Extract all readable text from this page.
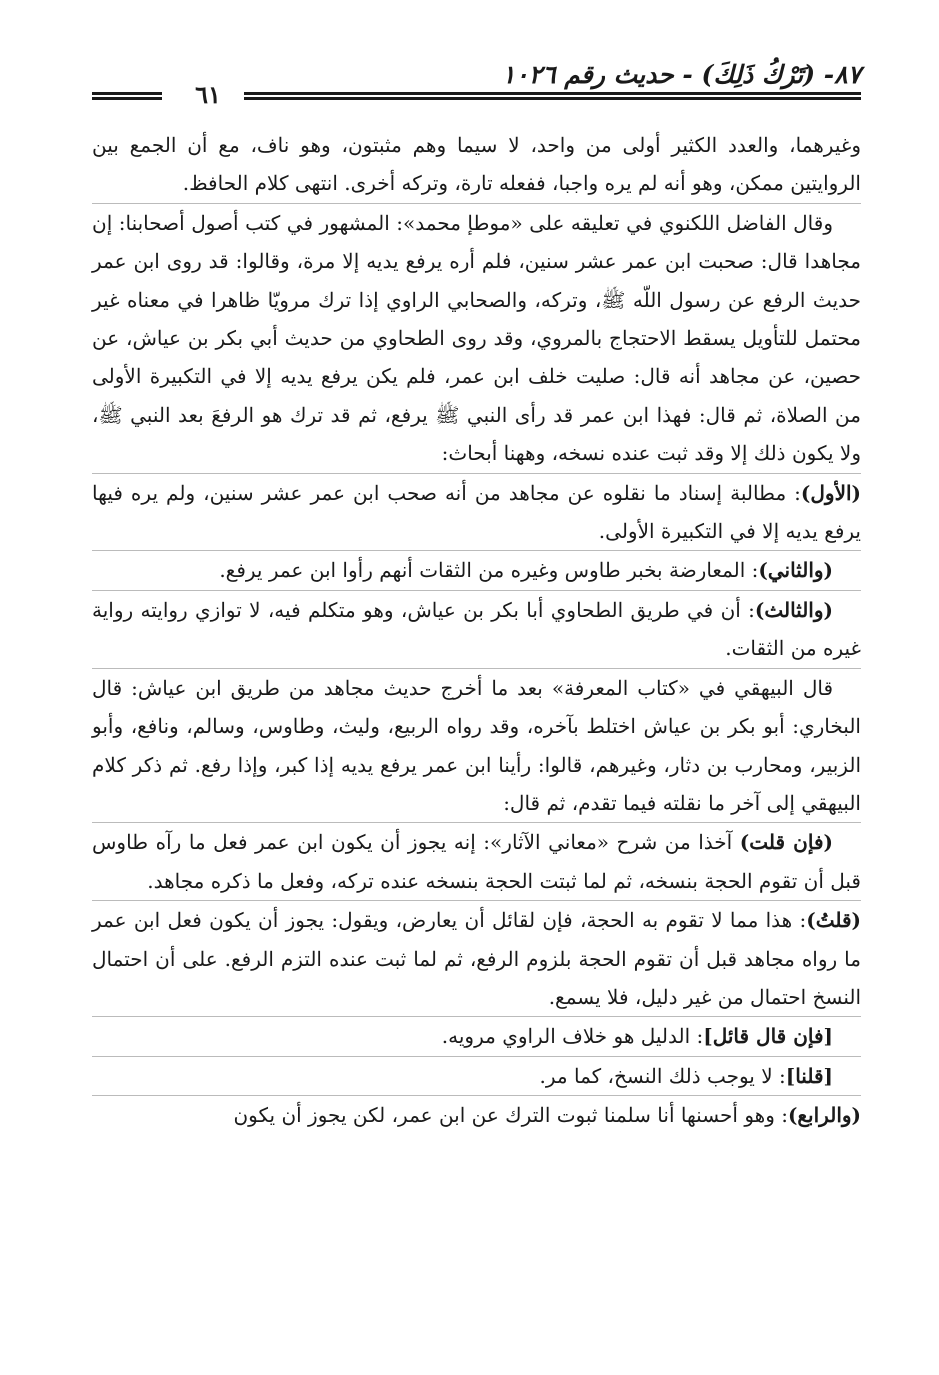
٨٧- (تَرْكُ ذَلِكَ) - حديث رقم ١٠٢٦
٦١

وغيرهما، والعدد الكثير أولى من واحد، لا سيما وهم مثبتون، وهو ناف، مع أن الجمع بين الروايتين ممكن، وهو أنه لم يره واجبا، ففعله تارة، وتركه أخرى. انتهى كلام الحافظ.

وقال الفاضل اللكنوي في تعليقه على «موطإ محمد»: المشهور في كتب أصول أصحابنا: إن مجاهدا قال: صحبت ابن عمر عشر سنين، فلم أره يرفع يديه إلا مرة، وقالوا: قد روى ابن عمر حديث الرفع عن رسول اللّه ﷺ، وتركه، والصحابي الراوي إذا ترك مرويّا ظاهرا في معناه غير محتمل للتأويل يسقط الاحتجاج بالمروي، وقد روى الطحاوي من حديث أبي بكر بن عياش، عن حصين، عن مجاهد أنه قال: صليت خلف ابن عمر، فلم يكن يرفع يديه إلا في التكبيرة الأولى من الصلاة، ثم قال: فهذا ابن عمر قد رأى النبي ﷺ يرفع، ثم قد ترك هو الرفعَ بعد النبي ﷺ، ولا يكون ذلك إلا وقد ثبت عنده نسخه، وههنا أبحاث:

(الأول): مطالبة إسناد ما نقلوه عن مجاهد من أنه صحب ابن عمر عشر سنين، ولم يره فيها يرفع يديه إلا في التكبيرة الأولى.

(والثاني): المعارضة بخبر طاوس وغيره من الثقات أنهم رأوا ابن عمر يرفع.

(والثالث): أن في طريق الطحاوي أبا بكر بن عياش، وهو متكلم فيه، لا توازي روايته رواية غيره من الثقات.

قال البيهقي في «كتاب المعرفة» بعد ما أخرج حديث مجاهد من طريق ابن عياش: قال البخاري: أبو بكر بن عياش اختلط بآخره، وقد رواه الربيع، وليث، وطاوس، وسالم، ونافع، وأبو الزبير، ومحارب بن دثار، وغيرهم، قالوا: رأينا ابن عمر يرفع يديه إذا كبر، وإذا رفع. ثم ذكر كلام البيهقي إلى آخر ما نقلته فيما تقدم، ثم قال:

(فإن قلت) آخذا من شرح «معاني الآثار»: إنه يجوز أن يكون ابن عمر فعل ما رآه طاوس قبل أن تقوم الحجة بنسخه، ثم لما ثبتت الحجة بنسخه عنده تركه، وفعل ما ذكره مجاهد.

(قلتُ): هذا مما لا تقوم به الحجة، فإن لقائل أن يعارض، ويقول: يجوز أن يكون فعل ابن عمر ما رواه مجاهد قبل أن تقوم الحجة بلزوم الرفع، ثم لما ثبت عنده التزم الرفع. على أن احتمال النسخ احتمال من غير دليل، فلا يسمع.

[فإن قال قائل]: الدليل هو خلاف الراوي مرويه.

[قلنا]: لا يوجب ذلك النسخ، كما مر.

(والرابع): وهو أحسنها أنا سلمنا ثبوت الترك عن ابن عمر، لكن يجوز أن يكون
